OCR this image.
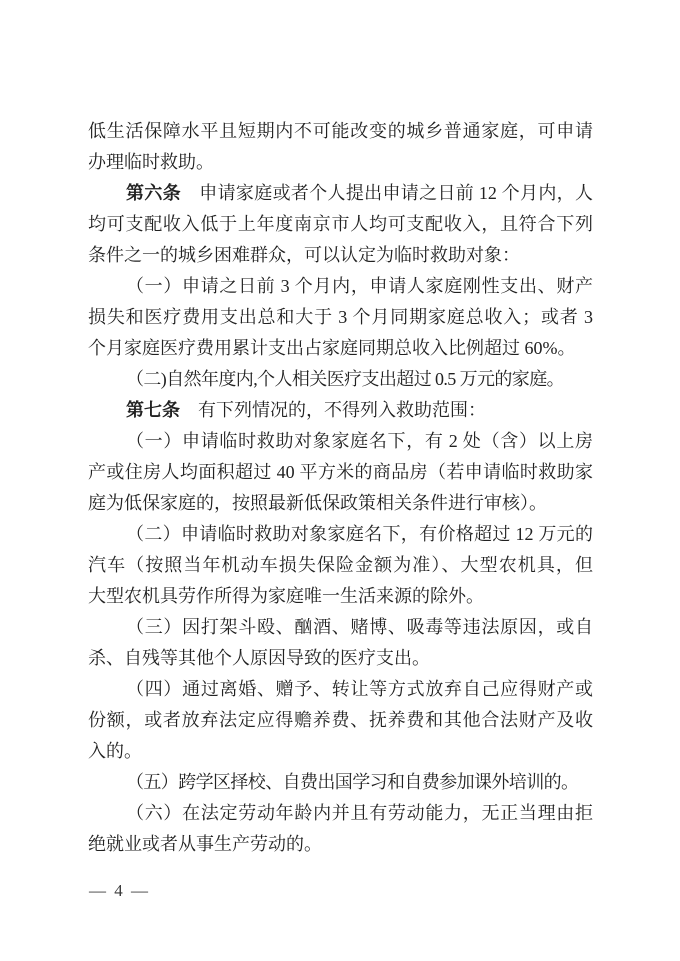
低生活保障水平且短期内不可能改变的城乡普通家庭，可申请
办理临时救助。
第六条　申请家庭或者个人提出申请之日前 12 个月内，人
均可支配收入低于上年度南京市人均可支配收入，且符合下列
条件之一的城乡困难群众，可以认定为临时救助对象：
（一）申请之日前 3 个月内，申请人家庭刚性支出、财产
损失和医疗费用支出总和大于 3 个月同期家庭总收入；或者 3
个月家庭医疗费用累计支出占家庭同期总收入比例超过 60%。
（二)自然年度内,个人相关医疗支出超过 0.5 万元的家庭。
第七条　有下列情况的，不得列入救助范围：
（一）申请临时救助对象家庭名下，有 2 处（含）以上房
产或住房人均面积超过 40 平方米的商品房（若申请临时救助家
庭为低保家庭的，按照最新低保政策相关条件进行审核）。
（二）申请临时救助对象家庭名下，有价格超过 12 万元的
汽车（按照当年机动车损失保险金额为准）、大型农机具，但
大型农机具劳作所得为家庭唯一生活来源的除外。
（三）因打架斗殴、酗酒、赌博、吸毒等违法原因，或自
杀、自残等其他个人原因导致的医疗支出。
（四）通过离婚、赠予、转让等方式放弃自己应得财产或
份额，或者放弃法定应得赡养费、抚养费和其他合法财产及收
入的。
（五）跨学区择校、自费出国学习和自费参加课外培训的。
（六）在法定劳动年龄内并且有劳动能力，无正当理由拒
绝就业或者从事生产劳动的。
— 4 —
